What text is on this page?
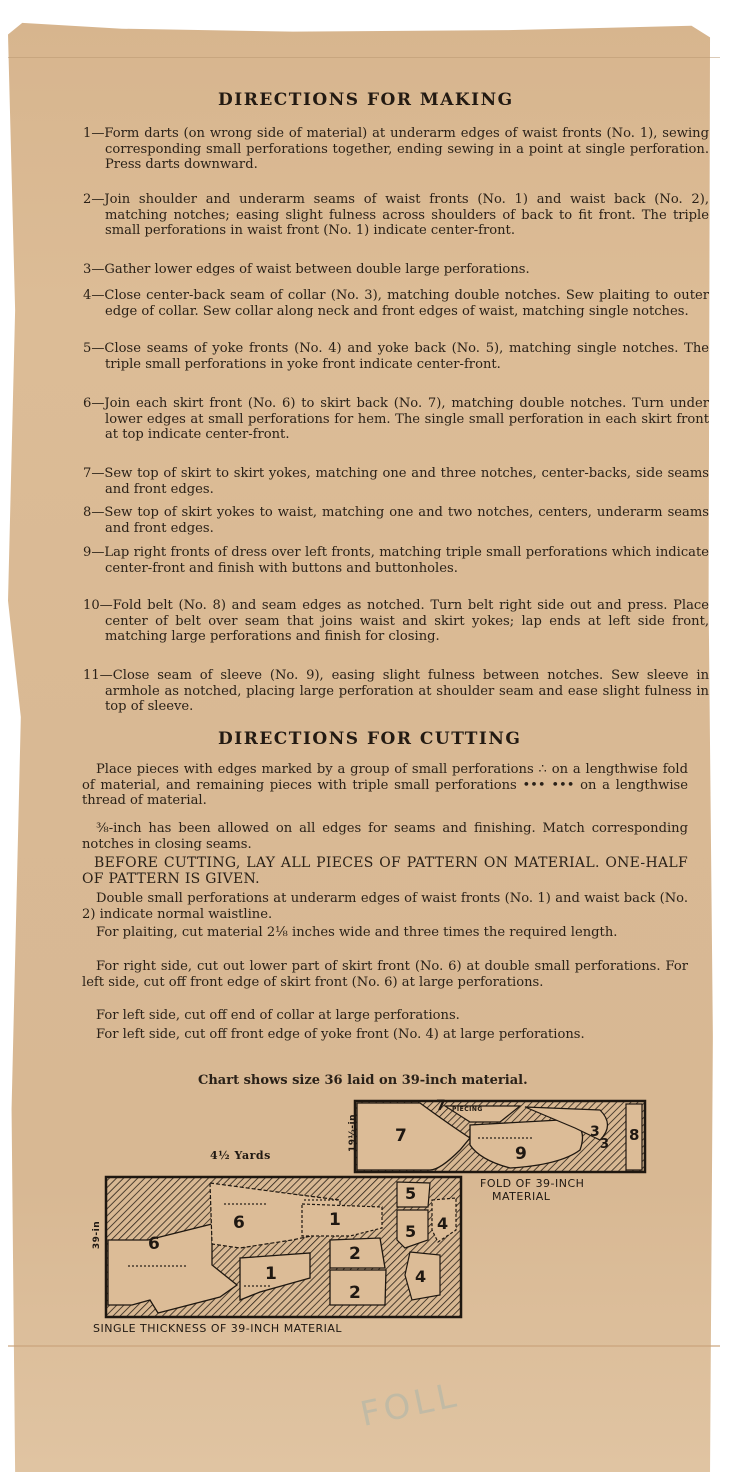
DIRECTIONS FOR MAKING
1—Form darts (on wrong side of material) at underarm edges of waist fronts (No. 1), sewing corresponding small perforations together, ending sewing in a point at single perforation. Press darts downward.
2—Join shoulder and underarm seams of waist fronts (No. 1) and waist back (No. 2), matching notches; easing slight fulness across shoulders of back to fit front. The triple small perforations in waist front (No. 1) indicate center-front.
3—Gather lower edges of waist between double large perforations.
4—Close center-back seam of collar (No. 3), matching double notches. Sew plaiting to outer edge of collar. Sew collar along neck and front edges of waist, matching single notches.
5—Close seams of yoke fronts (No. 4) and yoke back (No. 5), matching single notches. The triple small perforations in yoke front indicate center-front.
6—Join each skirt front (No. 6) to skirt back (No. 7), matching double notches. Turn under lower edges at small perforations for hem. The single small perforation in each skirt front at top indicate center-front.
7—Sew top of skirt to skirt yokes, matching one and three notches, center-backs, side seams and front edges.
8—Sew top of skirt yokes to waist, matching one and two notches, centers, underarm seams and front edges.
9—Lap right fronts of dress over left fronts, matching triple small perforations which indicate center-front and finish with buttons and buttonholes.
10—Fold belt (No. 8) and seam edges as notched. Turn belt right side out and press. Place center of belt over seam that joins waist and skirt yokes; lap ends at left side front, matching large perforations and finish for closing.
11—Close seam of sleeve (No. 9), easing slight fulness between notches. Sew sleeve in armhole as notched, placing large perforation at shoulder seam and ease slight fulness in top of sleeve.
DIRECTIONS FOR CUTTING
Place pieces with edges marked by a group of small perforations ∴ on a lengthwise fold of material, and remaining pieces with triple small perforations ••• ••• on a lengthwise thread of material.
⅜-inch has been allowed on all edges for seams and finishing. Match corresponding notches in closing seams.
BEFORE CUTTING, LAY ALL PIECES OF PATTERN ON MATERIAL. ONE-HALF OF PATTERN IS GIVEN.
Double small perforations at underarm edges of waist fronts (No. 1) and waist back (No. 2) indicate normal waistline.
For plaiting, cut material 2⅛ inches wide and three times the required length.
For right side, cut out lower part of skirt front (No. 6) at double small perforations. For left side, cut off front edge of skirt front (No. 6) at large perforations.
For left side, cut off end of collar at large perforations.
For left side, cut off front edge of yoke front (No. 4) at large perforations.
Chart shows size 36 laid on 39-inch material.
7
7 PIECING
9
3
3
8
6
6	1
1
2
2
5
5 4
4
4½ Yards
19½-in
39-in
FOLD OF 39-INCH
MATERIAL
SINGLE THICKNESS OF 39-INCH MATERIAL
FOLL
